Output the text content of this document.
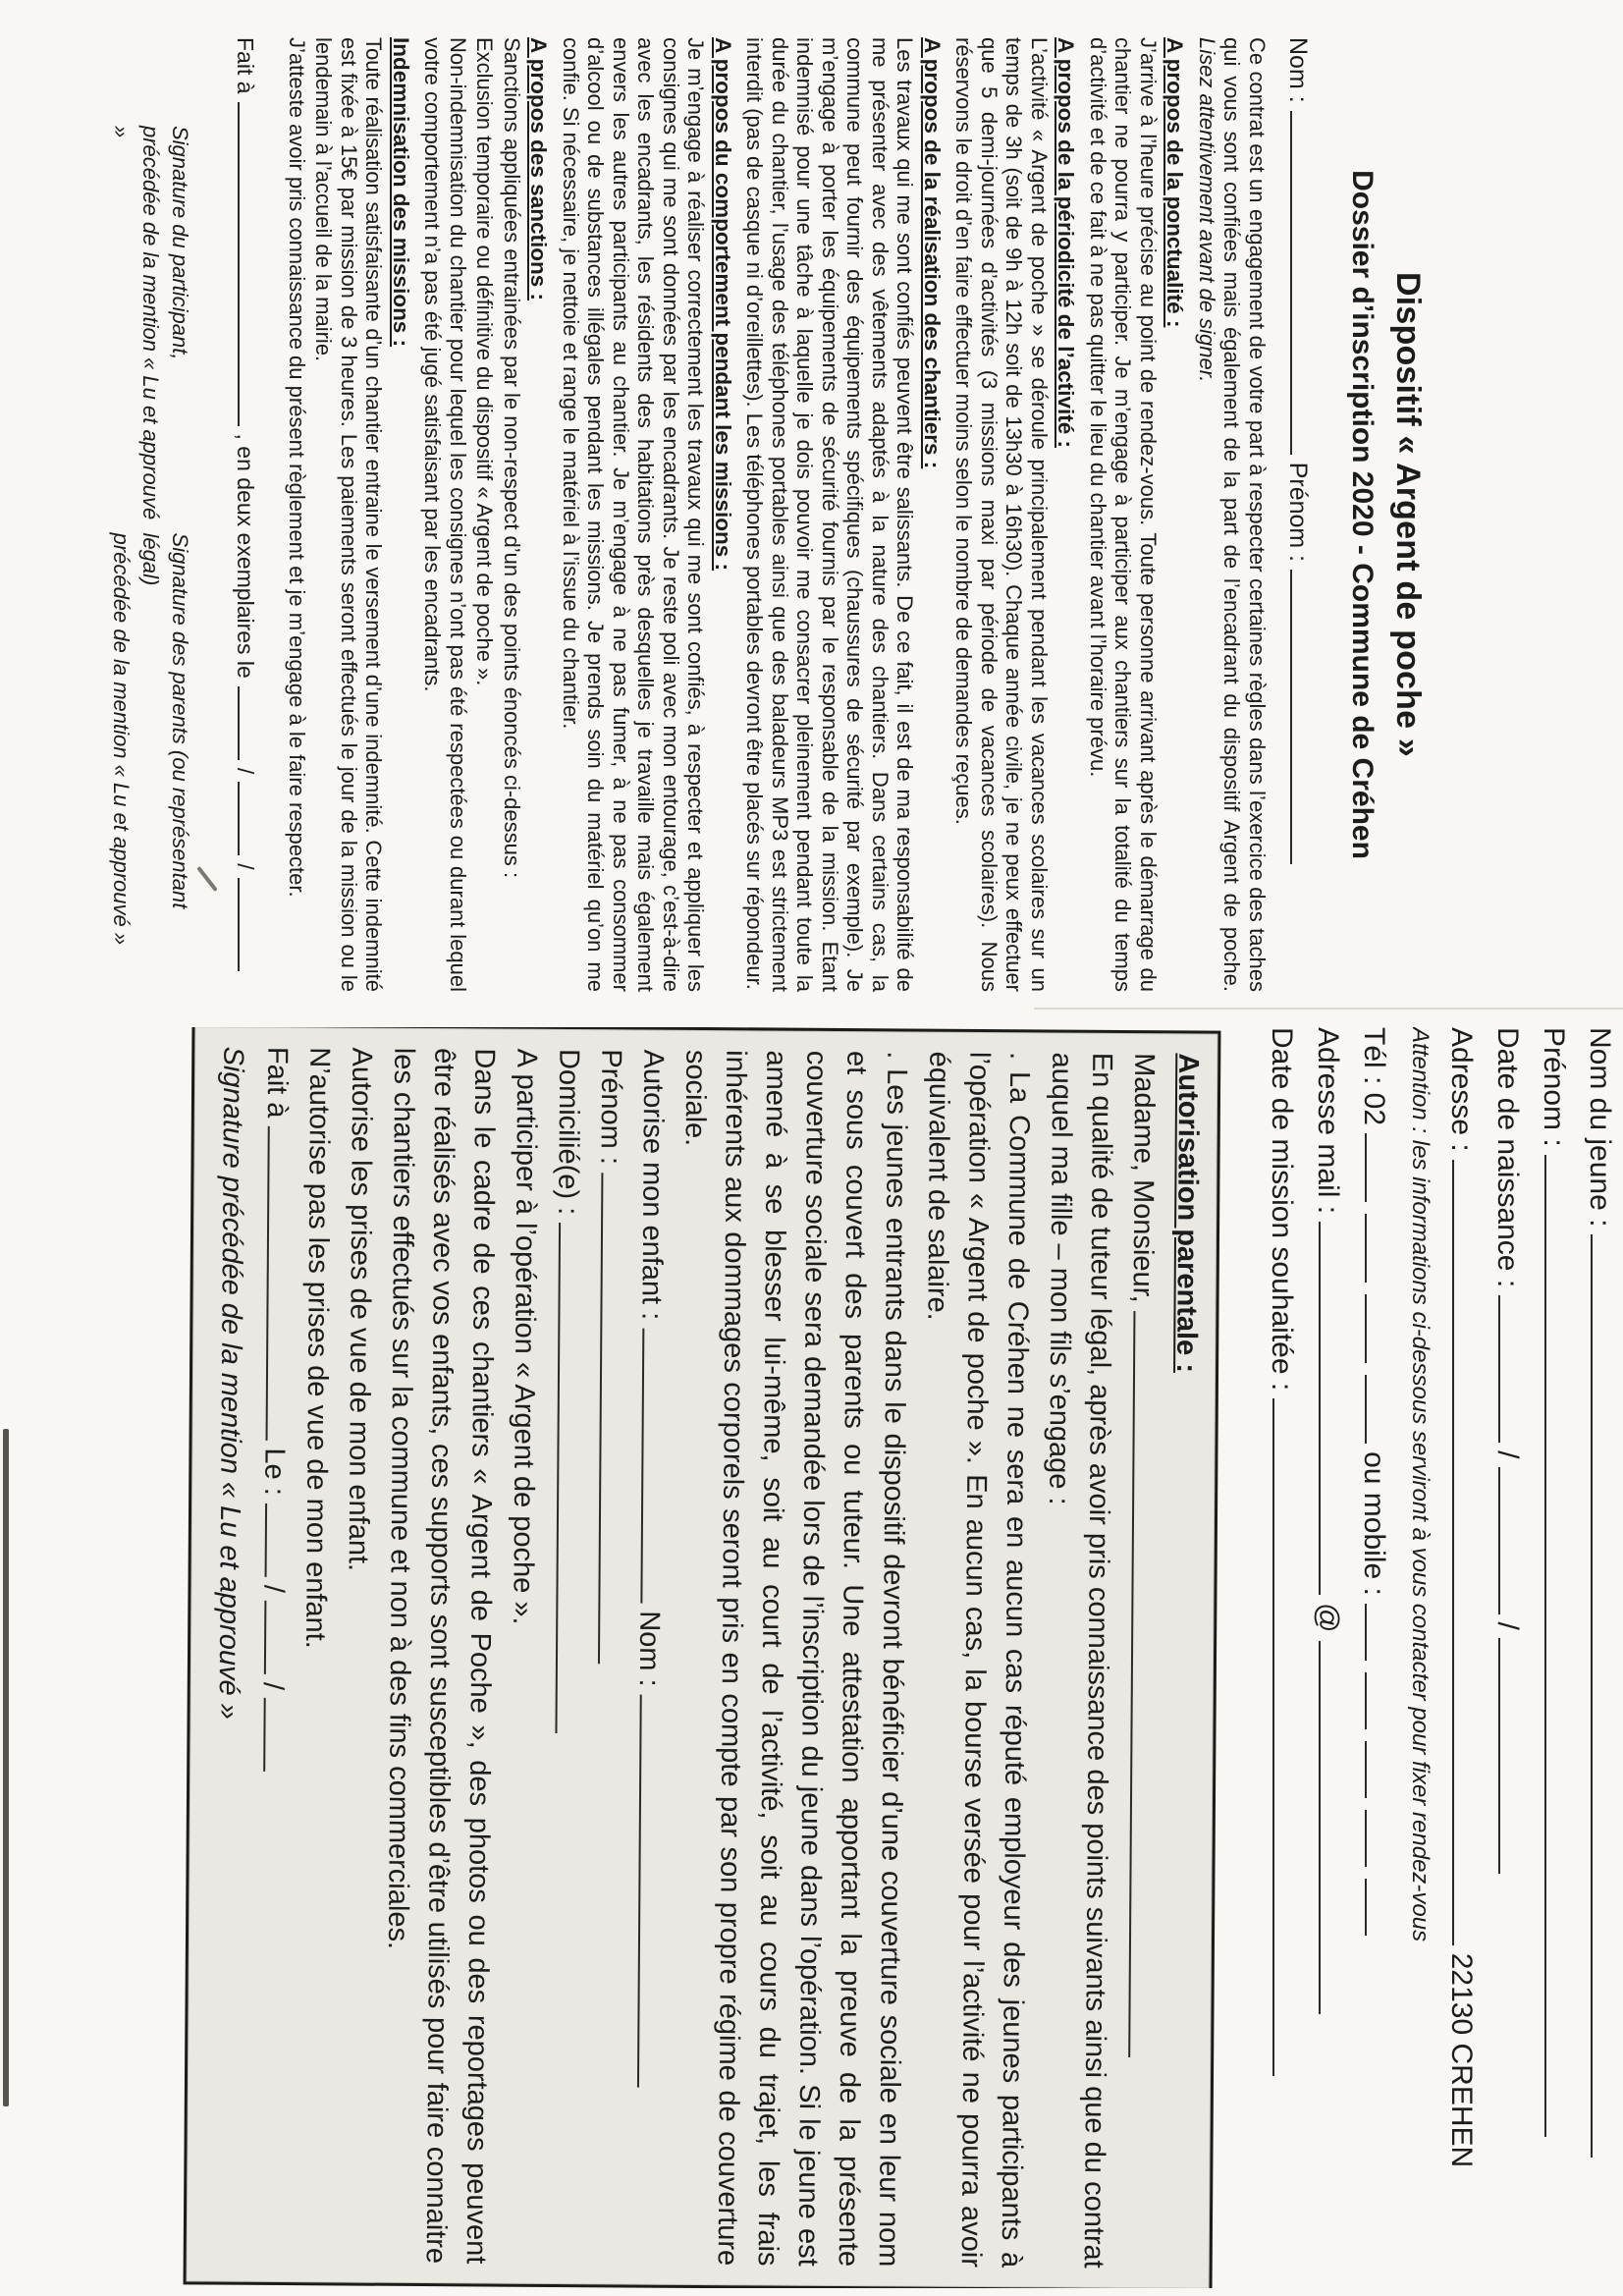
Dispositif « Argent de poche »
Dossier d’inscription 2020 - Commune de Créhen
Nom :Prénom :
Ce contrat est un engagement de votre part à respecter certaines règles dans l’exercice des taches qui vous sont confiées mais également de la part de l’encadrant du dispositif Argent de poche. Lisez attentivement avant de signer.
A propos de la ponctualité :
J’arrive à l’heure précise au point de rendez-vous. Toute personne arrivant après le démarrage du chantier ne pourra y participer. Je m’engage à participer aux chantiers sur la totalité du temps d’activité et de ce fait à ne pas quitter le lieu du chantier avant l’horaire prévu.
A propos de la périodicité de l’activité :
L’activité « Argent de poche » se déroule principalement pendant les vacances scolaires sur un temps de 3h (soit de 9h à 12h soit de 13h30 à 16h30). Chaque année civile, je ne peux effectuer que 5 demi-journées d’activités (3 missions maxi par période de vacances scolaires). Nous réservons le droit d’en faire effectuer moins selon le nombre de demandes reçues.
A propos de la réalisation des chantiers :
Les travaux qui me sont confiés peuvent être salissants. De ce fait, il est de ma responsabilité de me présenter avec des vêtements adaptés à la nature des chantiers. Dans certains cas, la commune peut fournir des équipements spécifiques (chaussures de sécurité par exemple). Je m’engage à porter les équipements de sécurité fournis par le responsable de la mission. Etant indemnisé pour une tâche à laquelle je dois pouvoir me consacrer pleinement pendant toute la durée du chantier, l’usage des téléphones portables ainsi que des baladeurs MP3 est strictement interdit (pas de casque ni d’oreillettes). Les téléphones portables devront être placés sur répondeur.
A propos du comportement pendant les missions :
Je m’engage à réaliser correctement les travaux qui me sont confiés, à respecter et appliquer les consignes qui me sont données par les encadrants. Je reste poli avec mon entourage, c’est-à-dire avec les encadrants, les résidents des habitations près desquelles je travaille mais également envers les autres participants au chantier. Je m’engage à ne pas fumer, à ne pas consommer d’alcool ou de substances illégales pendant les missions. Je prends soin du matériel qu’on me confie. Si nécessaire, je nettoie et range le matériel à l’issue du chantier.
A propos des sanctions :
Sanctions appliquées entrainées par le non-respect d’un des points énoncés ci-dessus :
Exclusion temporaire ou définitive du dispositif « Argent de poche ».
Non-indemnisation du chantier pour lequel les consignes n’ont pas été respectées ou durant lequel votre comportement n’a pas été jugé satisfaisant par les encadrants.
Indemnisation des missions :
Toute réalisation satisfaisante d’un chantier entraine le versement d’une indemnité. Cette indemnité est fixée à 15€ par mission de 3 heures. Les paiements seront effectués le jour de la mission ou le lendemain à l’accueil de la mairie.
J’atteste avoir pris connaissance du présent règlement et je m’engage à le faire respecter.
Fait à, en deux exemplaires le//
Signature du participant,
précédée de la mention « Lu et approuvé »
Signature des parents (ou représentant légal)
précédée de la mention « Lu et approuvé »
Nom du jeune :
Prénom :
Date de naissance ://
Adresse :22130 CREHEN
Attention : les informations ci-dessous serviront à vous contacter pour fixer rendez-vous
Tél : 02ou mobile :
Adresse mail :@
Date de mission souhaitée :
Autorisation parentale :
Madame, Monsieur,
En qualité de tuteur légal, après avoir pris connaissance des points suivants ainsi que du contrat auquel ma fille – mon fils s’engage :
. La Commune de Créhen ne sera en aucun cas réputé employeur des jeunes participants à l’opération « Argent de poche ». En aucun cas, la bourse versée pour l’activité ne pourra avoir équivalent de salaire.
. Les jeunes entrants dans le dispositif devront bénéficier d’une couverture sociale en leur nom et sous couvert des parents ou tuteur. Une attestation apportant la preuve de la présente couverture sociale sera demandée lors de l’inscription du jeune dans l’opération. Si le jeune est amené à se blesser lui-même, soit au court de l’activité, soit au cours du trajet, les frais inhérents aux dommages corporels seront pris en compte par son propre régime de couverture sociale.
Autorise mon enfant :Nom :
Prénom :
Domicilié(e) :
A participer à l’opération « Argent de poche ».
Dans le cadre de ces chantiers « Argent de Poche », des photos ou des reportages peuvent être réalisés avec vos enfants, ces supports sont susceptibles d’être utilisés pour faire connaitre les chantiers effectués sur la commune et non à des fins commerciales.
Autorise les prises de vue de mon enfant.
N’autorise pas les prises de vue de mon enfant.
Fait àLe ://
Signature précédée de la mention « Lu et approuvé »
